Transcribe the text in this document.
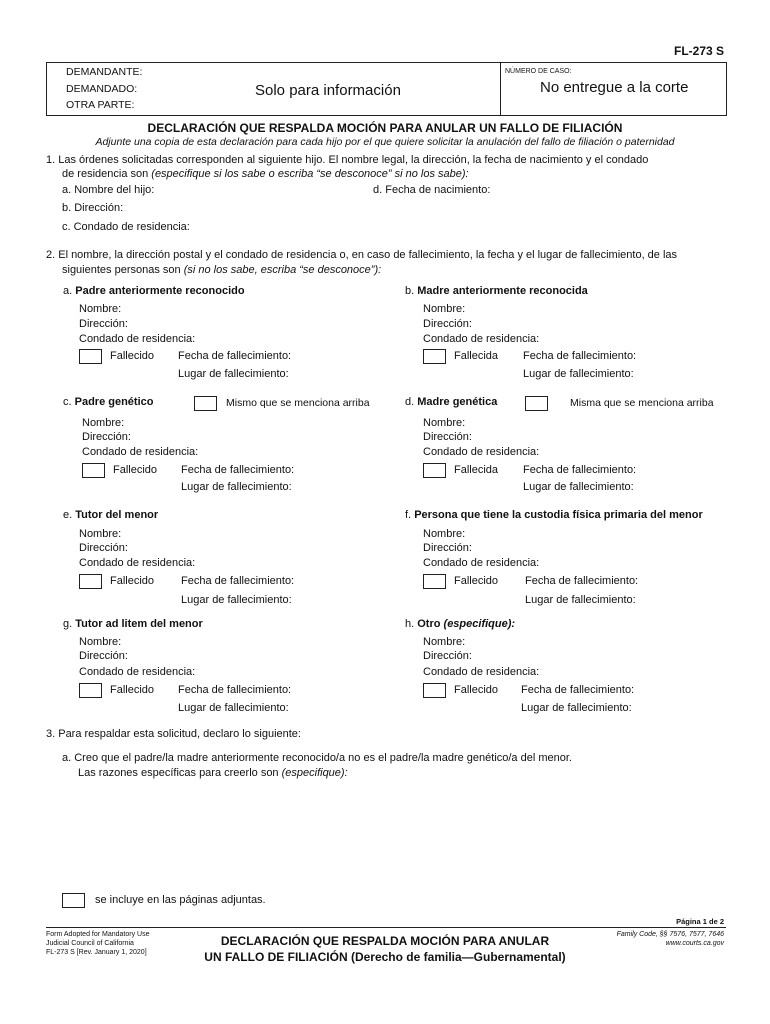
FL-273 S
DEMANDANTE:
DEMANDADO:
OTRA PARTE:
Solo para información
NÚMERO DE CASO:
No entregue a la corte
DECLARACIÓN QUE RESPALDA MOCIÓN PARA ANULAR UN FALLO DE FILIACIÓN
Adjunte una copia de esta declaración para cada hijo por el que quiere solicitar la anulación del fallo de filiación o paternidad
1. Las órdenes solicitadas corresponden al siguiente hijo. El nombre legal, la dirección, la fecha de nacimiento y el condado
de residencia son (especifique si los sabe o escriba “se desconoce” si no los sabe):
a. Nombre del hijo:	d. Fecha de nacimiento:
b. Dirección:
c. Condado de residencia:
2. El nombre, la dirección postal y el condado de residencia o, en caso de fallecimiento, la fecha y el lugar de fallecimiento, de las
siguientes personas son (si no los sabe, escriba “se desconoce”):
a. Padre anteriormente reconocido
Nombre:
Dirección:
Condado de residencia:
Fallecido Fecha de fallecimiento:
Lugar de fallecimiento:
b. Madre anteriormente reconocida
Nombre:
Dirección:
Condado de residencia:
Fallecida Fecha de fallecimiento:
Lugar de fallecimiento:
c. Padre genético	Mismo que se menciona arriba
Nombre:
Dirección:
Condado de residencia:
Fallecido Fecha de fallecimiento:
Lugar de fallecimiento:
d. Madre genética	Misma que se menciona arriba
Nombre:
Dirección:
Condado de residencia:
Fallecida Fecha de fallecimiento:
Lugar de fallecimiento:
e. Tutor del menor
Nombre:
Dirección:
Condado de residencia:
Fallecido Fecha de fallecimiento:
Lugar de fallecimiento:
f. Persona que tiene la custodia física primaria del menor
Nombre:
Dirección:
Condado de residencia:
Fallecido Fecha de fallecimiento:
Lugar de fallecimiento:
g. Tutor ad litem del menor
Nombre:
Dirección:
Condado de residencia:
Fallecido Fecha de fallecimiento:
Lugar de fallecimiento:
h. Otro (especifique):
Nombre:
Dirección:
Condado de residencia:
Fallecido Fecha de fallecimiento:
Lugar de fallecimiento:
3. Para respaldar esta solicitud, declaro lo siguiente:
a. Creo que el padre/la madre anteriormente reconocido/a no es el padre/la madre genético/a del menor.
Las razones específicas para creerlo son (especifique):
se incluye en las páginas adjuntas.
Página 1 de 2
Form Adopted for Mandatory Use
Judicial Council of California
FL-273 S [Rev. January 1, 2020]
DECLARACIÓN QUE RESPALDA MOCIÓN PARA ANULAR
UN FALLO DE FILIACIÓN (Derecho de familia—Gubernamental)
Family Code, §§ 7576, 7577, 7646
www.courts.ca.gov
